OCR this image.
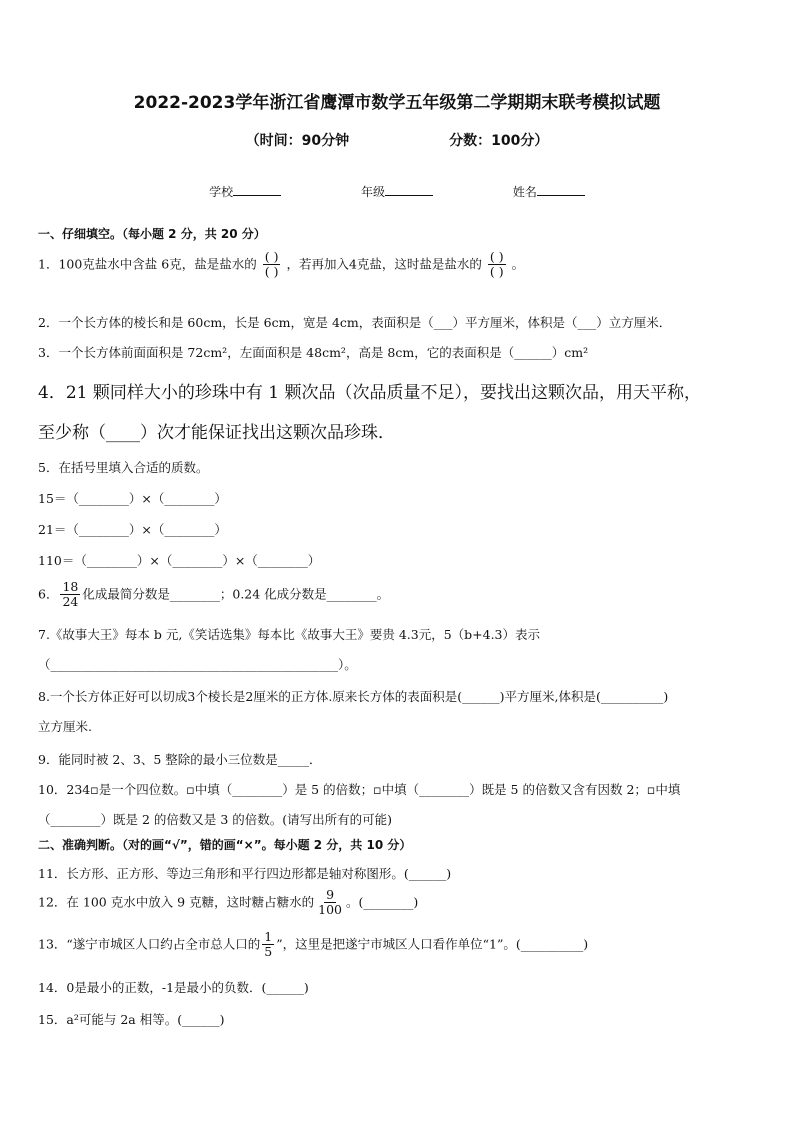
2022-2023学年浙江省鹰潭市数学五年级第二学期期末联考模拟试题
（时间：90分钟	分数：100分）
学校	年级	姓名
一、仔细填空。（每小题 2 分，共 20 分）
1．100克盐水中含盐 6克，盐是盐水的 $\frac{( )}{( )}$ ，若再加入4克盐，这时盐是盐水的 $\frac{( )}{( )}$ 。
2．一个长方体的棱长和是 60cm，长是 6cm，宽是 4cm，表面积是（___）平方厘米，体积是（___）立方厘米．
3．一个长方体前面面积是 72cm²，左面面积是 48cm²，高是 8cm，它的表面积是（______）cm²
4．21 颗同样大小的珍珠中有 1 颗次品（次品质量不足），要找出这颗次品，用天平称，
至少称（____）次才能保证找出这颗次品珍珠．
5．在括号里填入合适的质数。
15＝（________）×（________）
21＝（________）×（________）
110＝（________）×（________）×（________）
6． $\frac{18}{24}$ 化成最简分数是________；0.24 化成分数是________。
7.《故事大王》每本 b 元,《笑话选集》每本比《故事大王》要贵 4.3元，5（b+4.3）表示
（______________________________________________）。
8.一个长方体正好可以切成3个棱长是2厘米的正方体.原来长方体的表面积是(______)平方厘米,体积是(__________)
立方厘米.
9．能同时被 2、3、5 整除的最小三位数是_____．
10．234▫是一个四位数。▫中填（________）是 5 的倍数；▫中填（________）既是 5 的倍数又含有因数 2；▫中填
（________）既是 2 的倍数又是 3 的倍数。(请写出所有的可能)
二、准确判断。（对的画“√”，错的画“×”。每小题 2 分，共 10 分）
11．长方形、正方形、等边三角形和平行四边形都是轴对称图形。(______)
12．在 100 克水中放入 9 克糖，这时糖占糖水的 $\frac{9}{100}$ 。(________)
13．“遂宁市城区人口约占全市总人口的 $\frac{1}{5}$ ”，这里是把遂宁市城区人口看作单位“1”。(__________)
14．0是最小的正数，-1是最小的负数．(______)
15．a²可能与 2a 相等。(______)
